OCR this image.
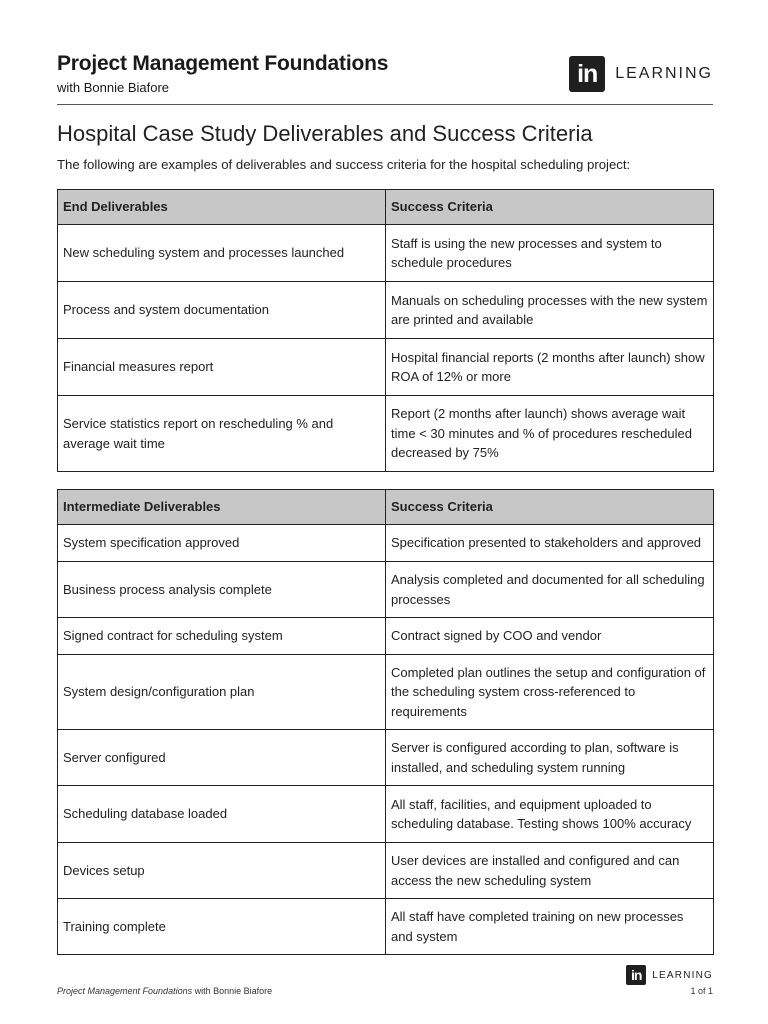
Project Management Foundations
with Bonnie Biafore	in	LEARNING
Hospital Case Study Deliverables and Success Criteria

The following are examples of deliverables and success criteria for the hospital scheduling project:

End Deliverables	Success Criteria
New scheduling system and processes launched	Staff is using the new processes and system to schedule procedures
Process and system documentation	Manuals on scheduling processes with the new system are printed and available
Financial measures report	Hospital financial reports (2 months after launch) show ROA of 12% or more
Service statistics report on rescheduling % and average wait time	Report (2 months after launch) shows average wait time < 30 minutes and % of procedures rescheduled decreased by 75%
Intermediate Deliverables	Success Criteria
System specification approved	Specification presented to stakeholders and approved
Business process analysis complete	Analysis completed and documented for all scheduling processes
Signed contract for scheduling system	Contract signed by COO and vendor
System design/configuration plan	Completed plan outlines the setup and configuration of the scheduling system cross-referenced to requirements
Server configured	Server is configured according to plan, software is installed, and scheduling system running
Scheduling database loaded	All staff, facilities, and equipment uploaded to scheduling database. Testing shows 100% accuracy
Devices setup	User devices are installed and configured and can access the new scheduling system
Training complete	All staff have completed training on new processes and system
in	LEARNING
Project Management Foundations with Bonnie Biafore	1 of 1
